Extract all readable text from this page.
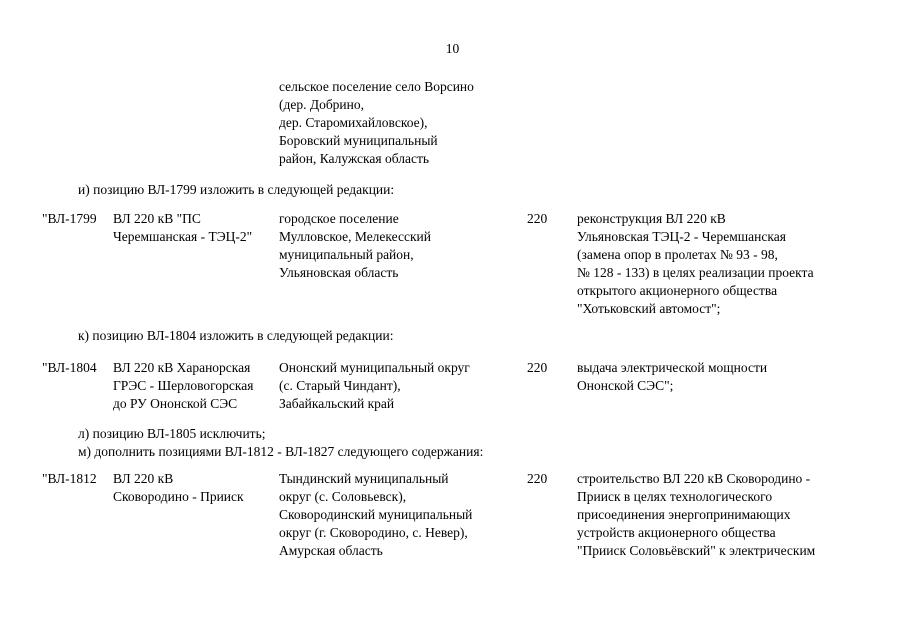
10
сельское поселение село Ворсино
(дер. Добрино,
дер. Старомихайловское),
Боровский муниципальный
район, Калужская область
и) позицию ВЛ-1799 изложить в следующей редакции:
"ВЛ-1799 ВЛ 220 кВ "ПС
Черемшанская - ТЭЦ-2"
городское поселение
Мулловское, Мелекесский
муниципальный район,
Ульяновская область
220 реконструкция ВЛ 220 кВ
Ульяновская ТЭЦ-2 - Черемшанская
(замена опор в пролетах № 93 - 98,
№ 128 - 133) в целях реализации проекта
открытого акционерного общества
"Хотьковский автомост";
к) позицию ВЛ-1804 изложить в следующей редакции:
"ВЛ-1804 ВЛ 220 кВ Харанорская
ГРЭС - Шерловогорская
до РУ Ононской СЭС
Ононский муниципальный округ
(с. Старый Чиндант),
Забайкальский край
220 выдача электрической мощности
Ононской СЭС";
л) позицию ВЛ-1805 исключить;
м) дополнить позициями ВЛ-1812 - ВЛ-1827 следующего содержания:
"ВЛ-1812 ВЛ 220 кВ
Сковородино - Прииск
Тындинский муниципальный
округ (с. Соловьевск),
Сковородинский муниципальный
округ (г. Сковородино, с. Невер),
Амурская область
220 строительство ВЛ 220 кВ Сковородино -
Прииск в целях технологического
присоединения энергопринимающих
устройств акционерного общества
"Прииск Соловьёвский" к электрическим
